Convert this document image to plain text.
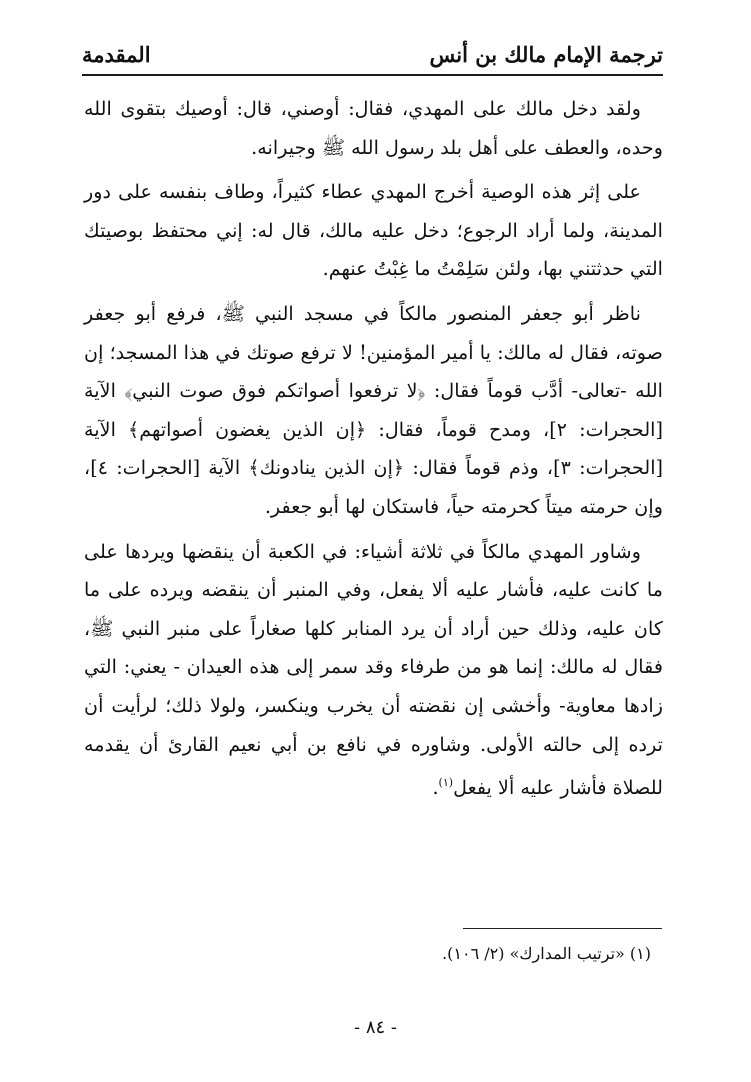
ترجمة الإمام مالك بن أنس
المقدمة

ولقد دخل مالك على المهدي، فقال: أوصني، قال: أوصيك بتقوى الله وحده، والعطف على أهل بلد رسول الله ﷺ وجيرانه.

على إثر هذه الوصية أخرج المهدي عطاء كثيراً، وطاف بنفسه على دور المدينة، ولما أراد الرجوع؛ دخل عليه مالك، قال له: إني محتفظ بوصيتك التي حدثتني بها، ولئن سَلِمْتُ ما غِبْتُ عنهم.

ناظر أبو جعفر المنصور مالكاً في مسجد النبي ﷺ، فرفع أبو جعفر صوته، فقال له مالك: يا أمير المؤمنين! لا ترفع صوتك في هذا المسجد؛ إن الله -تعالى- أدَّب قوماً فقال: ﴿لا ترفعوا أصواتكم فوق صوت النبي﴾ الآية [الحجرات: ٢]، ومدح قوماً، فقال: ﴿إن الذين يغضون أصواتهم﴾ الآية [الحجرات: ٣]، وذم قوماً فقال: ﴿إن الذين ينادونك﴾ الآية [الحجرات: ٤]، وإن حرمته ميتاً كحرمته حياً، فاستكان لها أبو جعفر.

وشاور المهدي مالكاً في ثلاثة أشياء: في الكعبة أن ينقضها ويردها على ما كانت عليه، فأشار عليه ألا يفعل، وفي المنبر أن ينقضه ويرده على ما كان عليه، وذلك حين أراد أن يرد المنابر كلها صغاراً على منبر النبي ﷺ، فقال له مالك: إنما هو من طرفاء وقد سمر إلى هذه العيدان - يعني: التي زادها معاوية- وأخشى إن نقضته أن يخرب وينكسر، ولولا ذلك؛ لرأيت أن ترده إلى حالته الأولى. وشاوره في نافع بن أبي نعيم القارئ أن يقدمه للصلاة فأشار عليه ألا يفعل$^{(١)}$.

(١) «ترتيب المدارك» (٢/ ١٠٦).
- ٨٤ -
